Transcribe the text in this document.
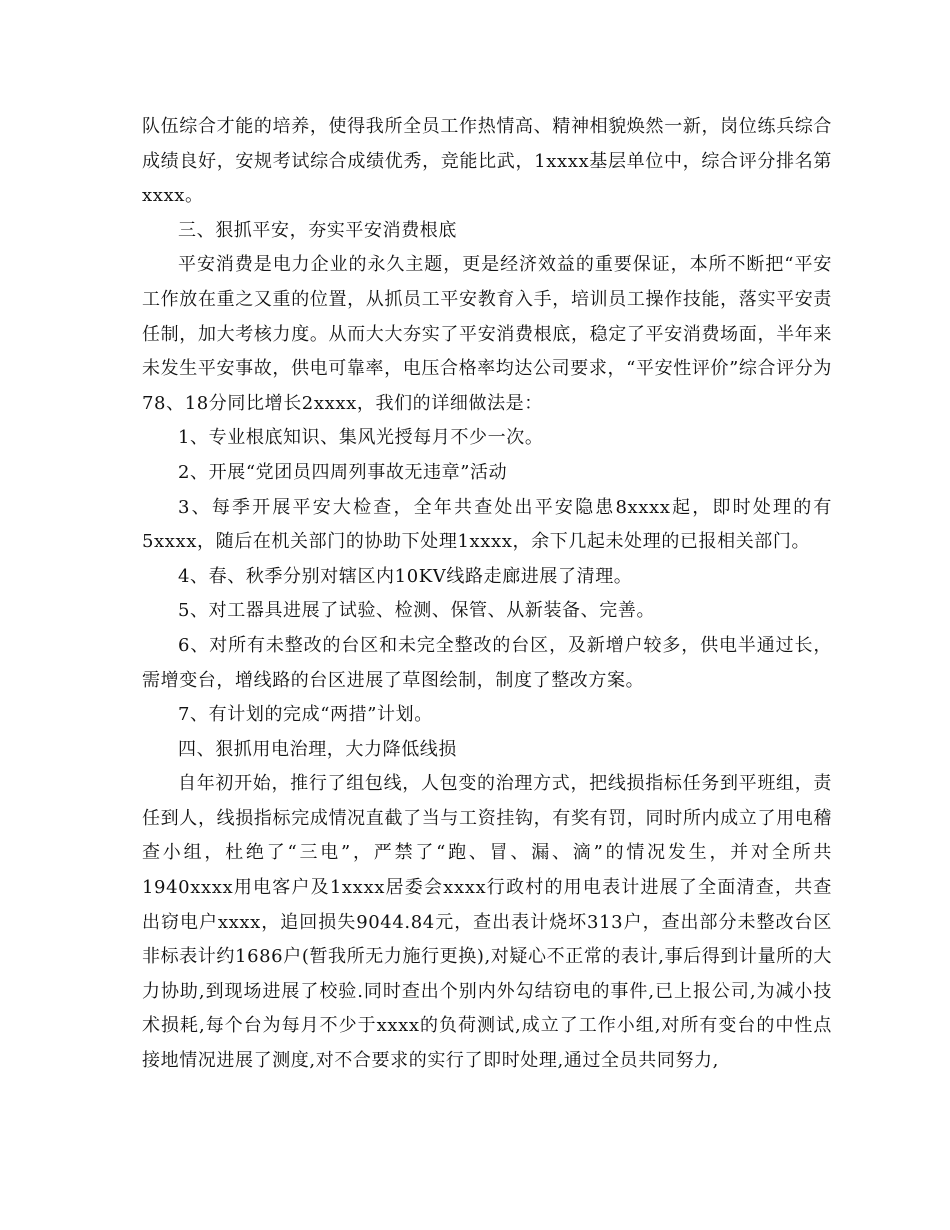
队伍综合才能的培养，使得我所全员工作热情高、精神相貌焕然一新，岗位练兵综合成绩良好，安规考试综合成绩优秀，竞能比武，1xxxx基层单位中，综合评分排名第xxxx。

三、狠抓平安，夯实平安消费根底

平安消费是电力企业的永久主题，更是经济效益的重要保证，本所不断把“平安工作放在重之又重的位置，从抓员工平安教育入手，培训员工操作技能，落实平安责任制，加大考核力度。从而大大夯实了平安消费根底，稳定了平安消费场面，半年来未发生平安事故，供电可靠率，电压合格率均达公司要求，“平安性评价”综合评分为78、18分同比增长2xxxx，我们的详细做法是：

1、专业根底知识、集风光授每月不少一次。

2、开展“党团员四周列事故无违章”活动

3、每季开展平安大检查，全年共查处出平安隐患8xxxx起，即时处理的有5xxxx，随后在机关部门的协助下处理1xxxx，余下几起未处理的已报相关部门。

4、春、秋季分别对辖区内10KV线路走廊进展了清理。

5、对工器具进展了试验、检测、保管、从新装备、完善。

6、对所有未整改的台区和未完全整改的台区，及新增户较多，供电半通过长，需增变台，增线路的台区进展了草图绘制，制度了整改方案。

7、有计划的完成“两措”计划。

四、狠抓用电治理，大力降低线损

自年初开始，推行了组包线，人包变的治理方式，把线损指标任务到平班组，责任到人，线损指标完成情况直截了当与工资挂钩，有奖有罚，同时所内成立了用电稽查小组，杜绝了“三电”，严禁了“跑、冒、漏、滴”的情况发生，并对全所共1940xxxx用电客户及1xxxx居委会xxxx行政村的用电表计进展了全面清查，共查出窃电户xxxx，追回损失9044.84元，查出表计烧坏313户，查出部分未整改台区非标表计约1686户(暂我所无力施行更换),对疑心不正常的表计,事后得到计量所的大力协助,到现场进展了校验.同时查出个别内外勾结窃电的事件,已上报公司,为减小技术损耗,每个台为每月不少于xxxx的负荷测试,成立了工作小组,对所有变台的中性点接地情况进展了测度,对不合要求的实行了即时处理,通过全员共同努力,
